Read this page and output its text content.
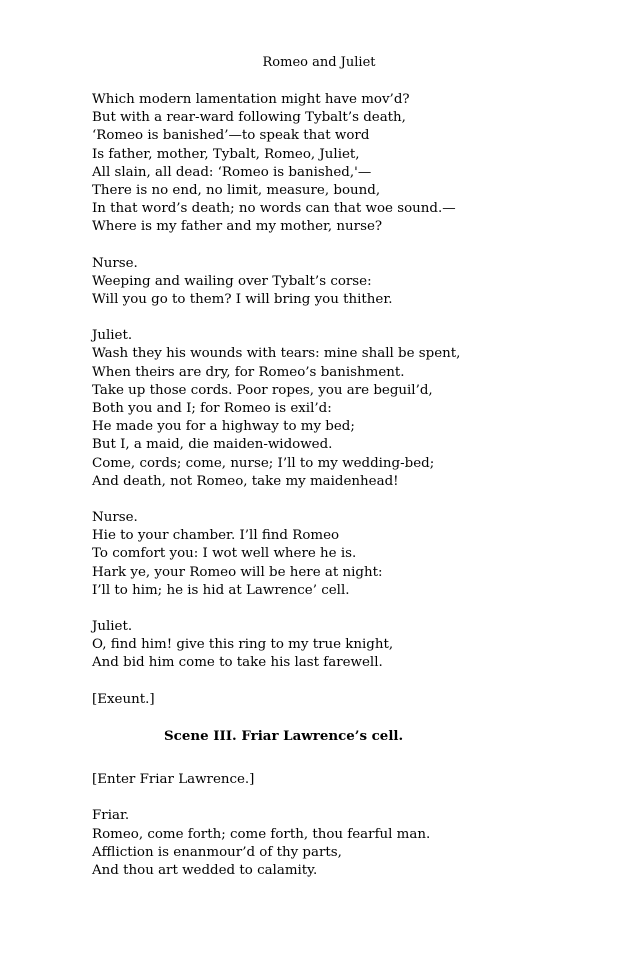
Romeo and Juliet
Which modern lamentation might have mov’d?
But with a rear-ward following Tybalt’s death,
‘Romeo is banished’—to speak that word
Is father, mother, Tybalt, Romeo, Juliet,
All slain, all dead: ‘Romeo is banished,'—
There is no end, no limit, measure, bound,
In that word’s death; no words can that woe sound.—
Where is my father and my mother, nurse?
Nurse.
Weeping and wailing over Tybalt’s corse:
Will you go to them? I will bring you thither.
Juliet.
Wash they his wounds with tears: mine shall be spent,
When theirs are dry, for Romeo’s banishment.
Take up those cords. Poor ropes, you are beguil’d,
Both you and I; for Romeo is exil’d:
He made you for a highway to my bed;
But I, a maid, die maiden-widowed.
Come, cords; come, nurse; I’ll to my wedding-bed;
And death, not Romeo, take my maidenhead!
Nurse.
Hie to your chamber. I’ll find Romeo
To comfort you: I wot well where he is.
Hark ye, your Romeo will be here at night:
I’ll to him; he is hid at Lawrence’ cell.
Juliet.
O, find him! give this ring to my true knight,
And bid him come to take his last farewell.
[Exeunt.]
Scene III. Friar Lawrence’s cell.
[Enter Friar Lawrence.]
Friar.
Romeo, come forth; come forth, thou fearful man.
Affliction is enanmour’d of thy parts,
And thou art wedded to calamity.
